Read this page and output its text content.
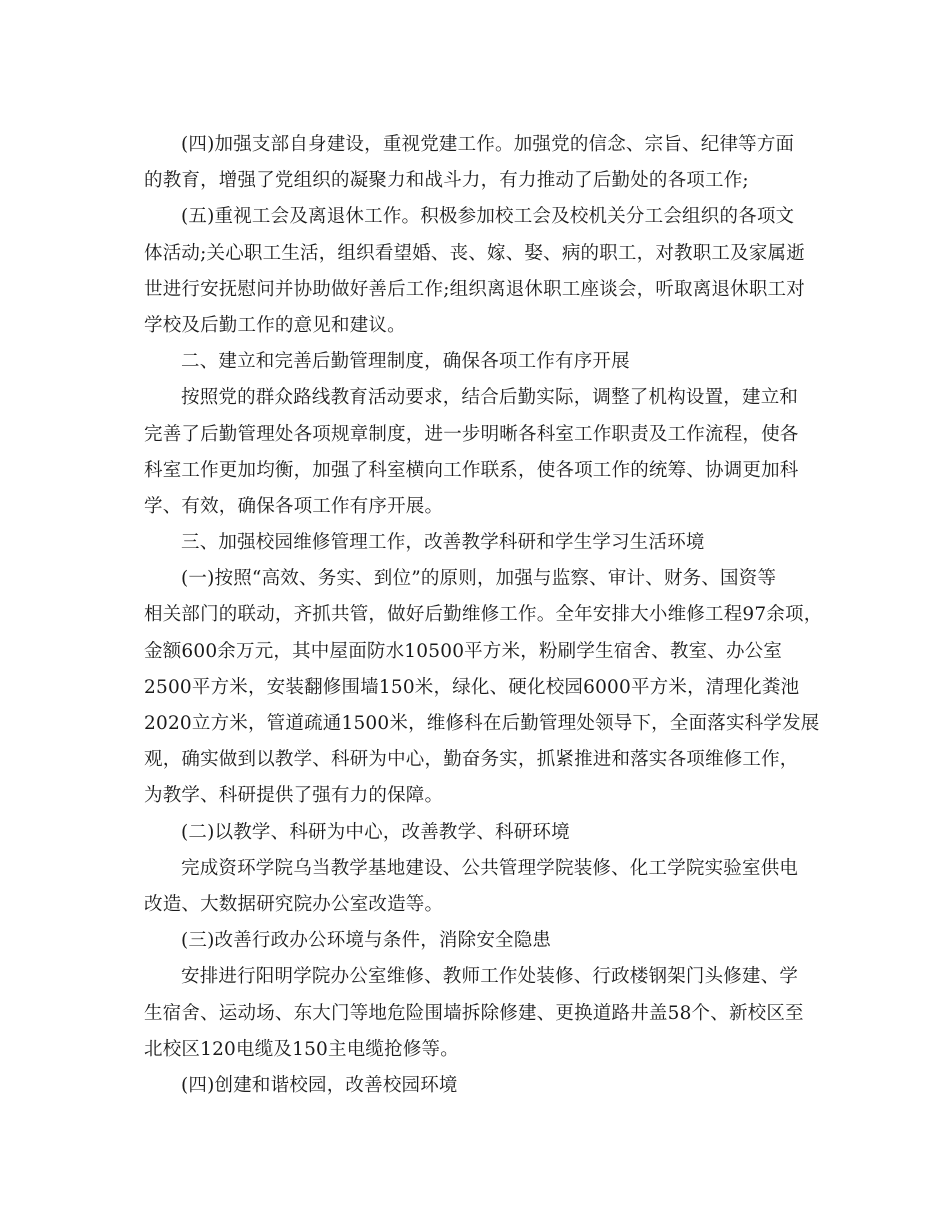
(四)加强支部自身建设，重视党建工作。加强党的信念、宗旨、纪律等方面
的教育，增强了党组织的凝聚力和战斗力，有力推动了后勤处的各项工作;
(五)重视工会及离退休工作。积极参加校工会及校机关分工会组织的各项文
体活动;关心职工生活，组织看望婚、丧、嫁、娶、病的职工，对教职工及家属逝
世进行安抚慰问并协助做好善后工作;组织离退休职工座谈会，听取离退休职工对
学校及后勤工作的意见和建议。
二、建立和完善后勤管理制度，确保各项工作有序开展
按照党的群众路线教育活动要求，结合后勤实际，调整了机构设置，建立和
完善了后勤管理处各项规章制度，进一步明晰各科室工作职责及工作流程，使各
科室工作更加均衡，加强了科室横向工作联系，使各项工作的统筹、协调更加科
学、有效，确保各项工作有序开展。
三、加强校园维修管理工作，改善教学科研和学生学习生活环境
(一)按照“高效、务实、到位”的原则，加强与监察、审计、财务、国资等
相关部门的联动，齐抓共管，做好后勤维修工作。全年安排大小维修工程97余项，
金额600余万元，其中屋面防水10500平方米，粉刷学生宿舍、教室、办公室
2500平方米，安装翻修围墙150米，绿化、硬化校园6000平方米，清理化粪池
2020立方米，管道疏通1500米，维修科在后勤管理处领导下，全面落实科学发展
观，确实做到以教学、科研为中心，勤奋务实，抓紧推进和落实各项维修工作，
为教学、科研提供了强有力的保障。
(二)以教学、科研为中心，改善教学、科研环境
完成资环学院乌当教学基地建设、公共管理学院装修、化工学院实验室供电
改造、大数据研究院办公室改造等。
(三)改善行政办公环境与条件，消除安全隐患
安排进行阳明学院办公室维修、教师工作处装修、行政楼钢架门头修建、学
生宿舍、运动场、东大门等地危险围墙拆除修建、更换道路井盖58个、新校区至
北校区120电缆及150主电缆抢修等。
(四)创建和谐校园，改善校园环境
